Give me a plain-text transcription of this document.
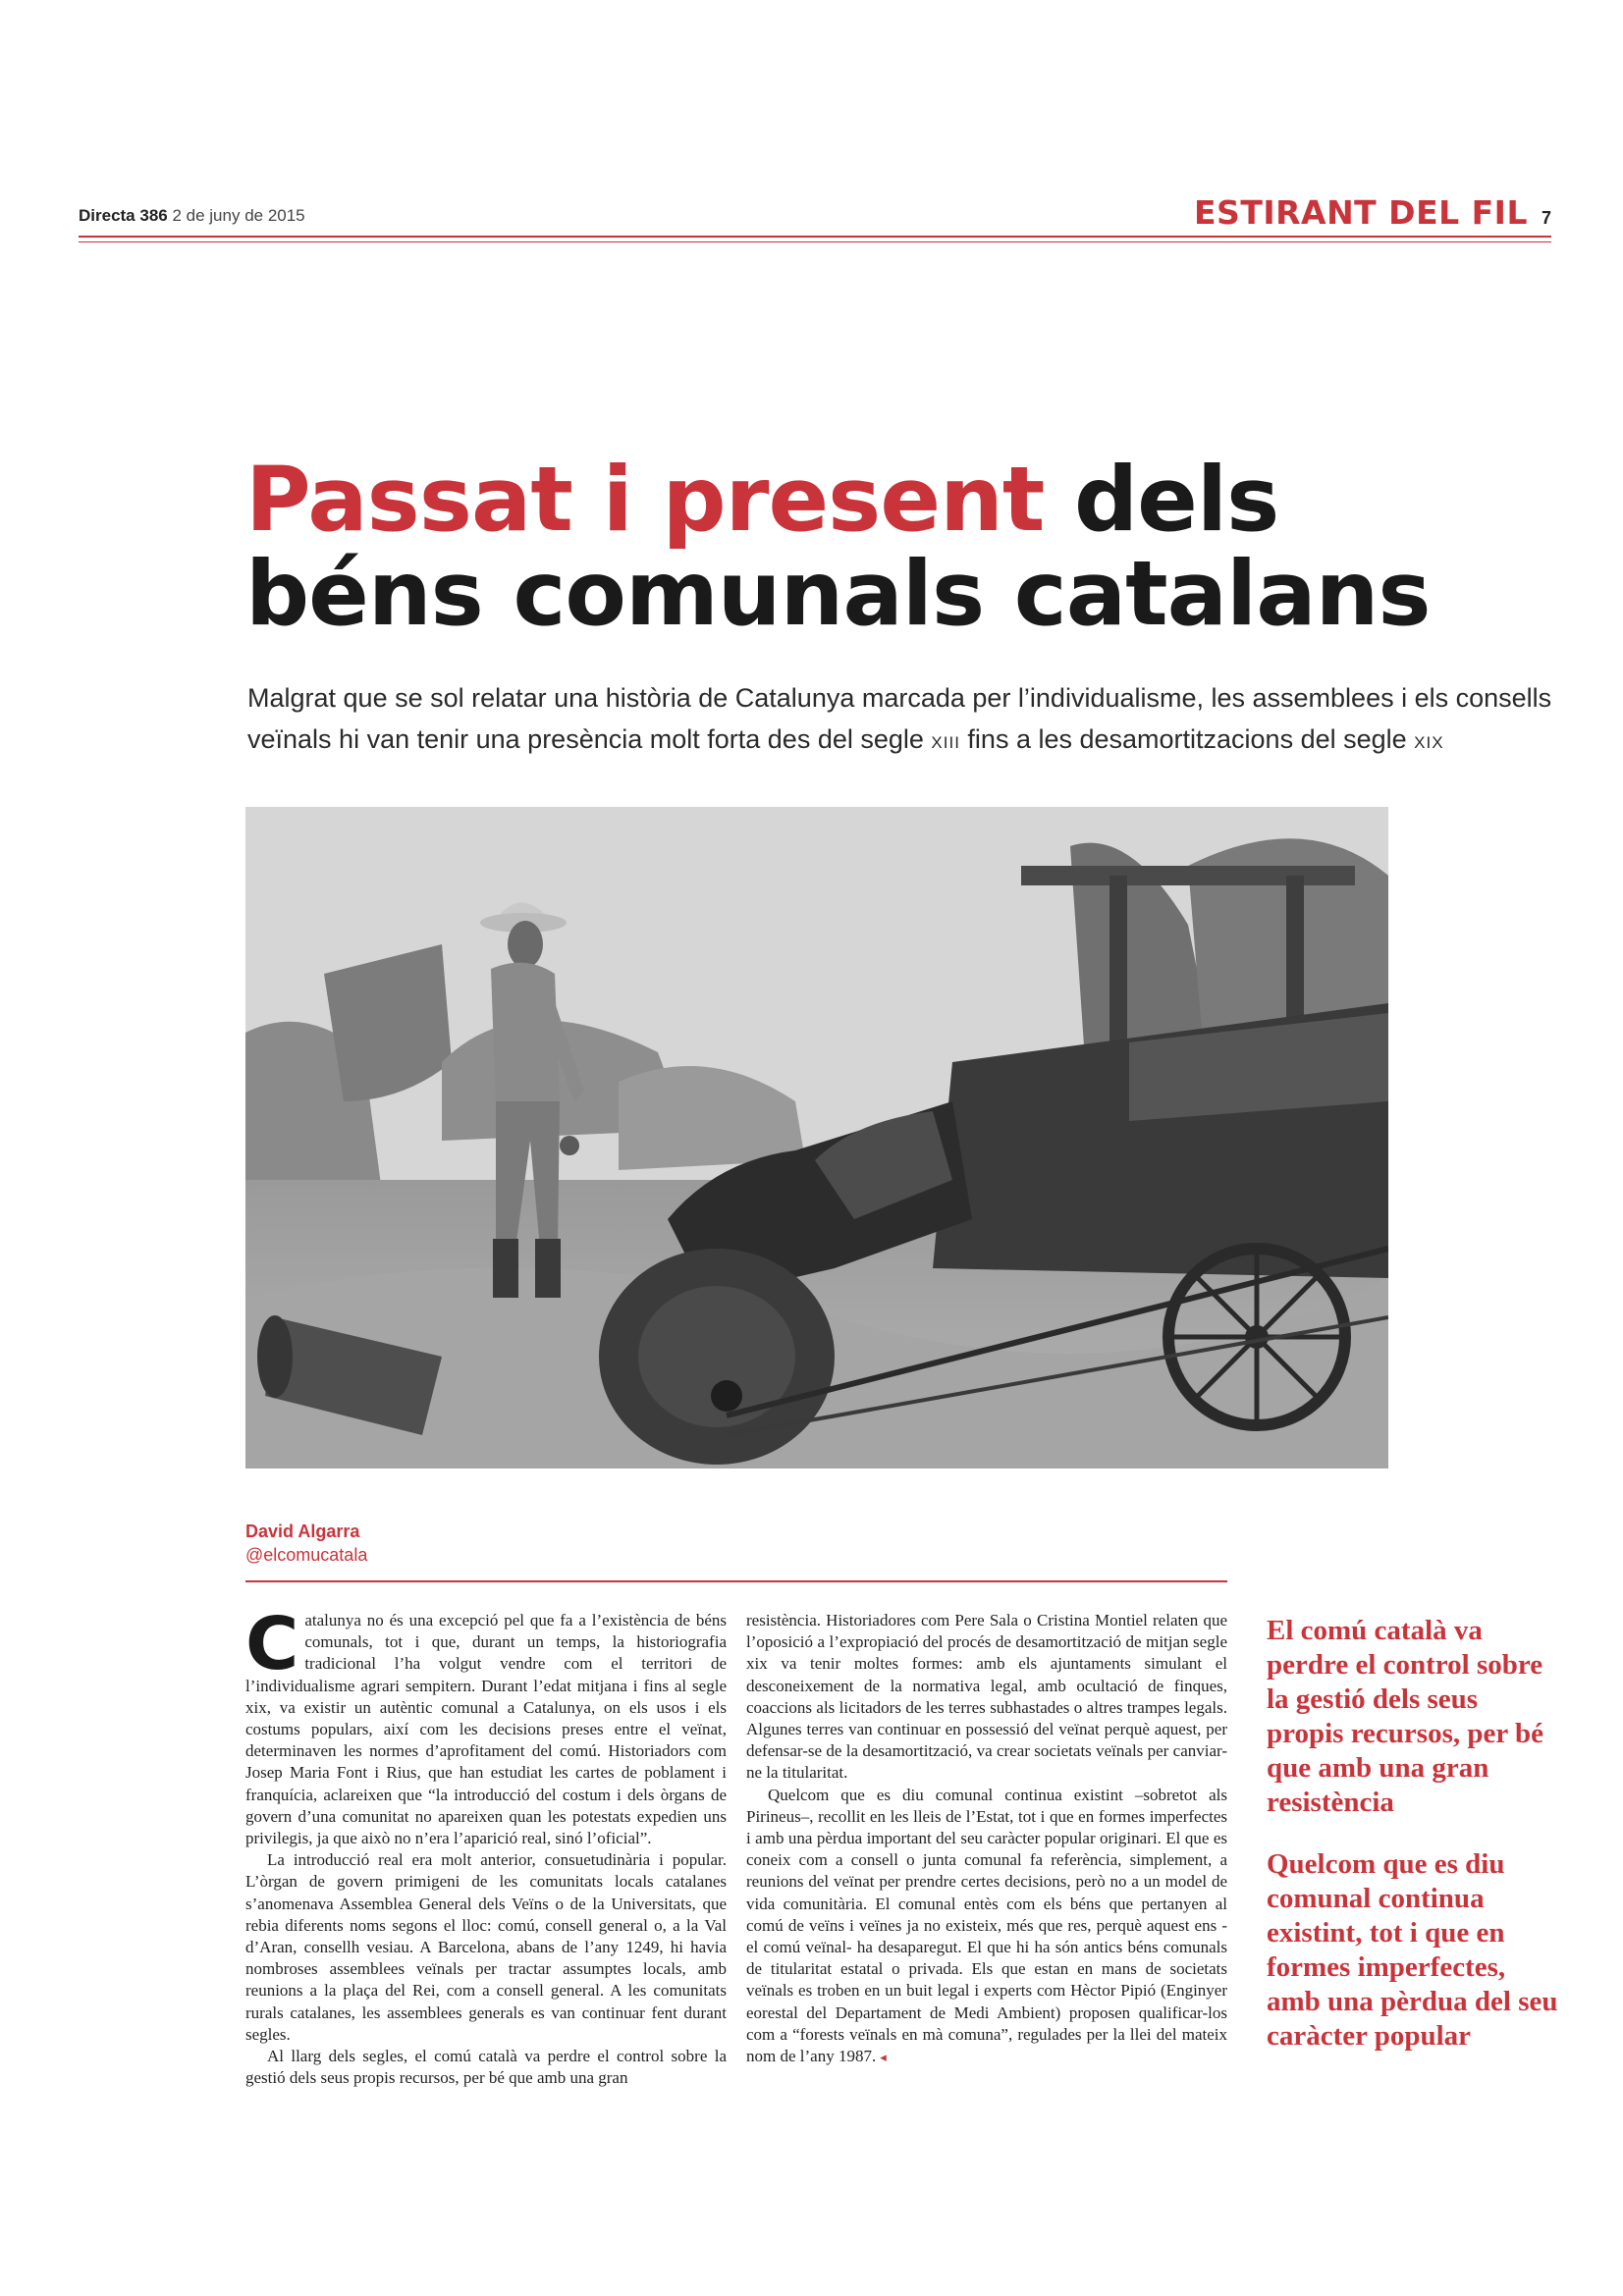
Directa 386 2 de juny de 2015	ESTIRANT DEL FIL 7
Passat i present dels
béns comunals catalans

Malgrat que se sol relatar una història de Catalunya marcada per l’individualisme, les assemblees i els consells veïnals hi van tenir una presència molt forta des del segle XIII fins a les desamortitzacions del segle XIX

David Algarra
@elcomucatala

Catalunya no és una excepció pel que fa a l’existència de béns comunals, tot i que, durant un temps, la historiografia tradicional l’ha volgut vendre com el territori de l’individualisme agrari sempitern. Durant l’edat mitjana i fins al segle xix, va existir un autèntic comunal a Catalunya, on els usos i els costums populars, així com les decisions preses entre el veïnat, determinaven les normes d’aprofitament del comú. Historiadors com Josep Maria Font i Rius, que han estudiat les cartes de poblament i franquícia, aclareixen que “la introducció del costum i dels òrgans de govern d’una comunitat no apareixen quan les potestats expedien uns privilegis, ja que això no n’era l’aparició real, sinó l’oficial”.

La introducció real era molt anterior, consuetudinària i popular. L’òrgan de govern primigeni de les comunitats locals catalanes s’anomenava Assemblea General dels Veïns o de la Universitats, que rebia diferents noms segons el lloc: comú, consell general o, a la Val d’Aran, consellh vesiau. A Barcelona, abans de l’any 1249, hi havia nombroses assemblees veïnals per tractar assumptes locals, amb reunions a la plaça del Rei, com a consell general. A les comunitats rurals catalanes, les assemblees generals es van continuar fent durant segles.

Al llarg dels segles, el comú català va perdre el control sobre la gestió dels seus propis recursos, per bé que amb una gran

resistència. Historiadores com Pere Sala o Cristina Montiel relaten que l’oposició a l’expropiació del procés de desamortització de mitjan segle xix va tenir moltes formes: amb els ajuntaments simulant el desconeixement de la normativa legal, amb ocultació de finques, coaccions als licitadors de les terres subhastades o altres trampes legals. Algunes terres van continuar en possessió del veïnat perquè aquest, per defensar-se de la desamortització, va crear societats veïnals per canviar-ne la titularitat.

Quelcom que es diu comunal continua existint –sobretot als Pirineus–, recollit en les lleis de l’Estat, tot i que en formes imperfectes i amb una pèrdua important del seu caràcter popular originari. El que es coneix com a consell o junta comunal fa referència, simplement, a reunions del veïnat per prendre certes decisions, però no a un model de vida comunitària. El comunal entès com els béns que pertanyen al comú de veïns i veïnes ja no existeix, més que res, perquè aquest ens -el comú veïnal- ha desaparegut. El que hi ha són antics béns comunals de titularitat estatal o privada. Els que estan en mans de societats veïnals es troben en un buit legal i experts com Hèctor Pipió (Enginyer eorestal del Departament de Medi Ambient) proposen qualificar-los com a “forests veïnals en mà comuna”, regulades per la llei del mateix nom de l’any 1987. ◂

El comú català va perdre el control sobre la gestió dels seus propis recursos, per bé que amb una gran resistència
Quelcom que es diu comunal continua existint, tot i que en formes imperfectes, amb una pèrdua del seu caràcter popular
